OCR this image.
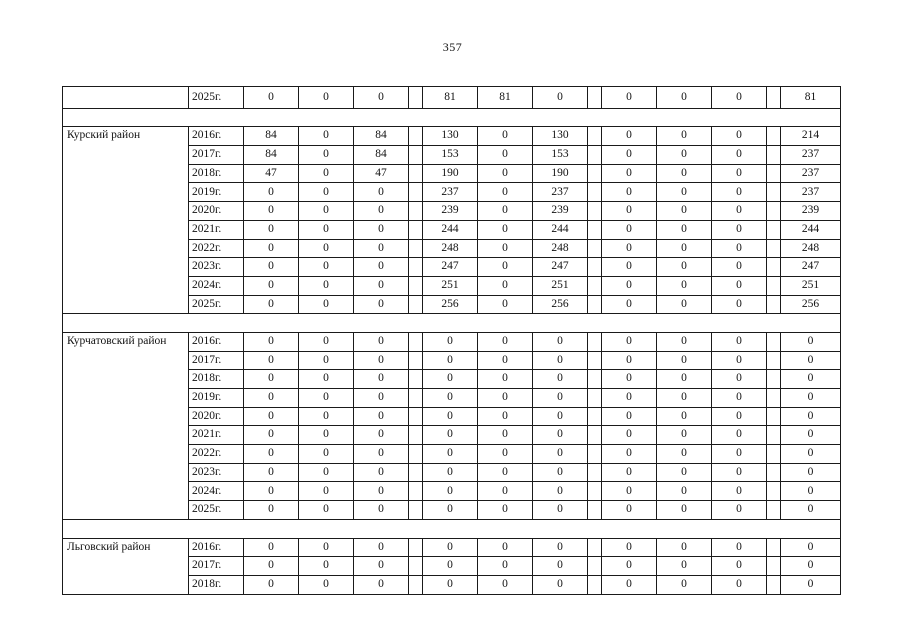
357
	2025г.	0	0	0		81	81	0		0	0	0		81

Курский район	2016г.	84	0	84		130	0	130		0	0	0		214
	2017г.	84	0	84		153	0	153		0	0	0		237
	2018г.	47	0	47		190	0	190		0	0	0		237
	2019г.	0	0	0		237	0	237		0	0	0		237
	2020г.	0	0	0		239	0	239		0	0	0		239
	2021г.	0	0	0		244	0	244		0	0	0		244
	2022г.	0	0	0		248	0	248		0	0	0		248
	2023г.	0	0	0		247	0	247		0	0	0		247
	2024г.	0	0	0		251	0	251		0	0	0		251
	2025г.	0	0	0		256	0	256		0	0	0		256

Курчатовский район	2016г.	0	0	0		0	0	0		0	0	0		0
	2017г.	0	0	0		0	0	0		0	0	0		0
	2018г.	0	0	0		0	0	0		0	0	0		0
	2019г.	0	0	0		0	0	0		0	0	0		0
	2020г.	0	0	0		0	0	0		0	0	0		0
	2021г.	0	0	0		0	0	0		0	0	0		0
	2022г.	0	0	0		0	0	0		0	0	0		0
	2023г.	0	0	0		0	0	0		0	0	0		0
	2024г.	0	0	0		0	0	0		0	0	0		0
	2025г.	0	0	0		0	0	0		0	0	0		0

Льговский район	2016г.	0	0	0		0	0	0		0	0	0		0
	2017г.	0	0	0		0	0	0		0	0	0		0
	2018г.	0	0	0		0	0	0		0	0	0		0
